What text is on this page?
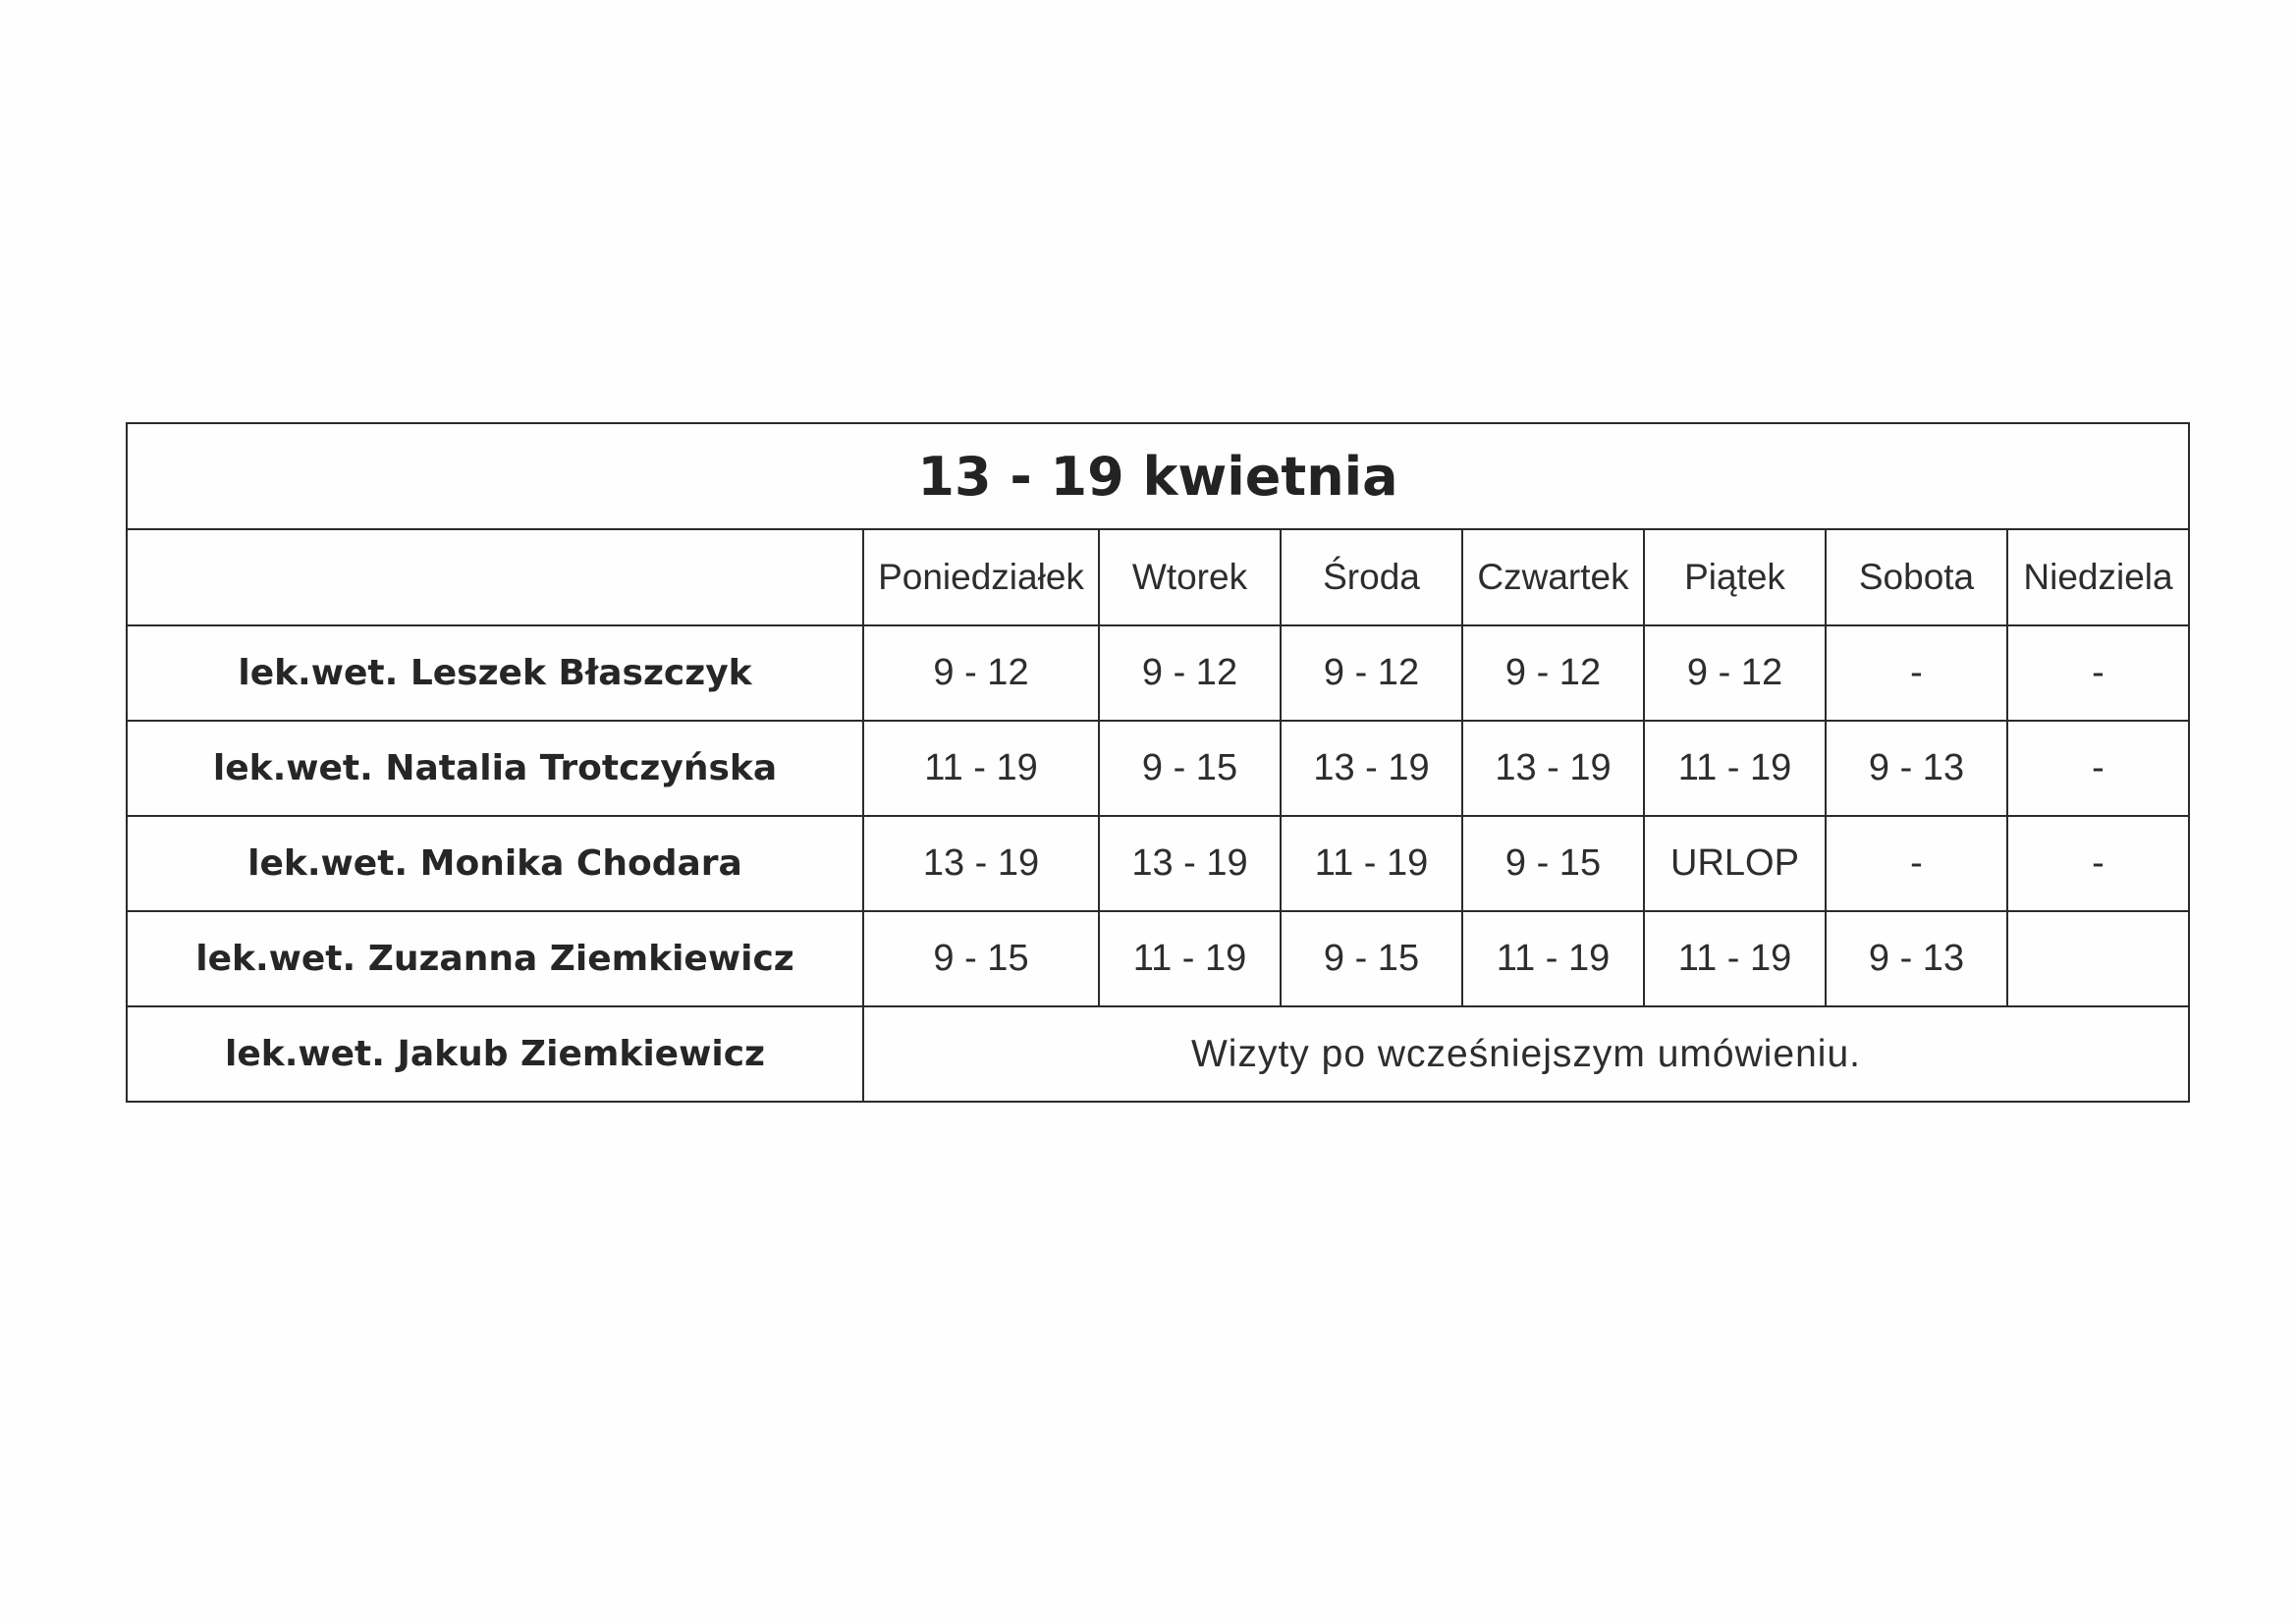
13 - 19 kwietnia							
	Poniedziałek	Wtorek	Środa	Czwartek	Piątek	Sobota	Niedziela
lek.wet. Leszek Błaszczyk	9 - 12	9 - 12	9 - 12	9 - 12	9 - 12	-	-
lek.wet. Natalia Trotczyńska	11 - 19	9 - 15	13 - 19	13 - 19	11 - 19	9 - 13	-
lek.wet. Monika Chodara	13 - 19	13 - 19	11 - 19	9 - 15	URLOP	-	-
lek.wet. Zuzanna Ziemkiewicz	9 - 15	11 - 19	9 - 15	11 - 19	11 - 19	9 - 13	
lek.wet. Jakub Ziemkiewicz	Wizyty po wcześniejszym umówieniu.						
